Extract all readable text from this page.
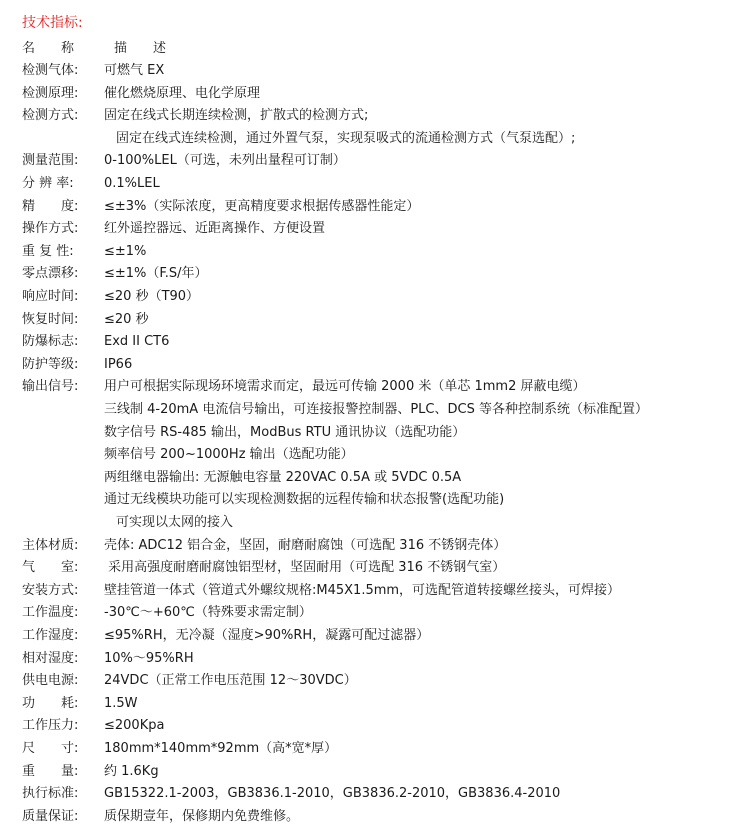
技术指标:
名　　称	描　　述
检测气体: 可燃气 EX
检测原理: 催化燃烧原理、电化学原理
检测方式: 固定在线式长期连续检测，扩散式的检测方式;
固定在线式连续检测，通过外置气泵，实现泵吸式的流通检测方式（气泵选配）;
测量范围: 0-100%LEL（可选，未列出量程可订制）
分 辨 率: 0.1%LEL
精　　度: ≤±3%（实际浓度，更高精度要求根据传感器性能定）
操作方式: 红外遥控器远、近距离操作、方便设置
重 复 性: ≤±1%
零点漂移: ≤±1%（F.S/年）
响应时间: ≤20 秒（T90）
恢复时间: ≤20 秒
防爆标志: Exd II CT6
防护等级: IP66
输出信号: 用户可根据实际现场环境需求而定，最远可传输 2000 米（单芯 1mm2 屏蔽电缆）
三线制 4-20mA 电流信号输出，可连接报警控制器、PLC、DCS 等各种控制系统（标准配置）
数字信号 RS-485 输出，ModBus RTU 通讯协议（选配功能）
频率信号 200~1000Hz 输出（选配功能）
两组继电器输出: 无源触电容量 220VAC 0.5A 或 5VDC 0.5A
通过无线模块功能可以实现检测数据的远程传输和状态报警(选配功能)
可实现以太网的接入
主体材质: 壳体: ADC12 铝合金，坚固，耐磨耐腐蚀（可选配 316 不锈钢壳体）
气　　室: 采用高强度耐磨耐腐蚀铝型材，坚固耐用（可选配 316 不锈钢气室）
安装方式: 壁挂管道一体式（管道式外螺纹规格:M45X1.5mm，可选配管道转接螺丝接头，可焊接）
工作温度: -30℃～+60℃（特殊要求需定制）
工作湿度: ≤95%RH，无冷凝（湿度>90%RH，凝露可配过滤器）
相对湿度: 10%～95%RH
供电电源: 24VDC（正常工作电压范围 12～30VDC）
功　　耗: 1.5W
工作压力: ≤200Kpa
尺　　寸: 180mm*140mm*92mm（高*宽*厚）
重　　量: 约 1.6Kg
执行标准: GB15322.1-2003，GB3836.1-2010，GB3836.2-2010，GB3836.4-2010
质量保证: 质保期壹年，保修期内免费维修。
